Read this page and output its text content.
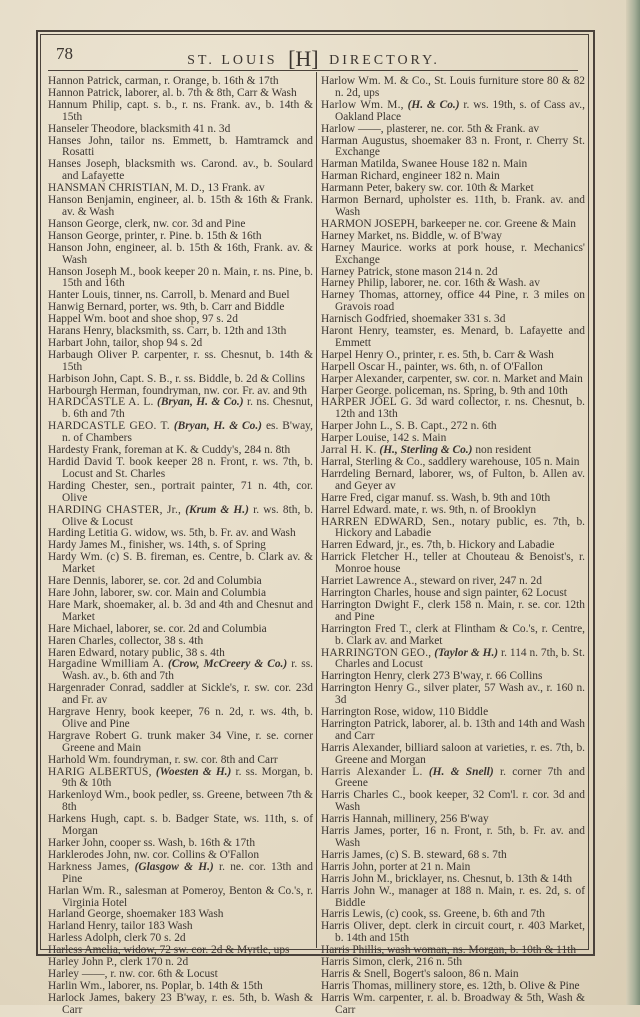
78	ST. LOUIS [H] DIRECTORY.

Hannon Patrick, carman, r. Orange, b. 16th & 17th

Hannon Patrick, laborer, al. b. 7th & 8th, Carr & Wash

Hannum Philip, capt. s. b., r. ns. Frank. av., b. 14th & 15th

Hanseler Theodore, blacksmith 41 n. 3d

Hanses John, tailor ns. Emmett, b. Hamtramck and Rosatti

Hanses Joseph, blacksmith ws. Carond. av., b. Soulard and Lafayette

HANSMAN CHRISTIAN, M. D., 13 Frank. av

Hanson Benjamin, engineer, al. b. 15th & 16th & Frank. av. & Wash

Hanson George, clerk, nw. cor. 3d and Pine

Hanson George, printer, r. Pine. b. 15th & 16th

Hanson John, engineer, al. b. 15th & 16th, Frank. av. & Wash

Hanson Joseph M., book keeper 20 n. Main, r. ns. Pine, b. 15th and 16th

Hanter Louis, tinner, ns. Carroll, b. Menard and Buel

Hanwig Bernard, porter, ws. 9th, b. Carr and Biddle

Happel Wm. boot and shoe shop, 97 s. 2d

Harans Henry, blacksmith, ss. Carr, b. 12th and 13th

Harbart John, tailor, shop 94 s. 2d

Harbaugh Oliver P. carpenter, r. ss. Chesnut, b. 14th & 15th

Harbison John, Capt. S. B., r. ss. Biddle, b. 2d & Collins

Harbourgh Herman, foundryman, nw. cor. Fr. av. and 9th

HARDCASTLE A. L. (Bryan, H. & Co.) r. ns. Chesnut, b. 6th and 7th

HARDCASTLE GEO. T. (Bryan, H. & Co.) es. B'way, n. of Chambers

Hardesty Frank, foreman at K. & Cuddy's, 284 n. 8th

Hardid David T. book keeper 28 n. Front, r. ws. 7th, b. Locust and St. Charles

Harding Chester, sen., portrait painter, 71 n. 4th, cor. Olive

HARDING CHASTER, Jr., (Krum & H.) r. ws. 8th, b. Olive & Locust

Harding Letitia G. widow, ws. 5th, b. Fr. av. and Wash

Hardy James M., finisher, ws. 14th, s. of Spring

Hardy Wm. (c) S. B. fireman, es. Centre, b. Clark av. & Market

Hare Dennis, laborer, se. cor. 2d and Columbia

Hare John, laborer, sw. cor. Main and Columbia

Hare Mark, shoemaker, al. b. 3d and 4th and Chesnut and Market

Hare Michael, laborer, se. cor. 2d and Columbia

Haren Charles, collector, 38 s. 4th

Haren Edward, notary public, 38 s. 4th

Hargadine Wmilliam A. (Crow, McCreery & Co.) r. ss. Wash. av., b. 6th and 7th

Hargenrader Conrad, saddler at Sickle's, r. sw. cor. 23d and Fr. av

Hargrave Henry, book keeper, 76 n. 2d, r. ws. 4th, b. Olive and Pine

Hargrave Robert G. trunk maker 34 Vine, r. se. corner Greene and Main

Harhold Wm. foundryman, r. sw. cor. 8th and Carr

HARIG ALBERTUS, (Woesten & H.) r. ss. Morgan, b. 9th & 10th

Harkenloyd Wm., book pedler, ss. Greene, between 7th & 8th

Harkens Hugh, capt. s. b. Badger State, ws. 11th, s. of Morgan

Harker John, cooper ss. Wash, b. 16th & 17th

Harklerodes John, nw. cor. Collins & O'Fallon

Harkness James, (Glasgow & H.) r. ne. cor. 13th and Pine

Harlan Wm. R., salesman at Pomeroy, Benton & Co.'s, r. Virginia Hotel

Harland George, shoemaker 183 Wash

Harland Henry, tailor 183 Wash

Harless Adolph, clerk 70 s. 2d

Harless Amelia, widow, 72 sw. cor. 2d & Myrtle, ups

Harley John P., clerk 170 n. 2d

Harley ——, r. nw. cor. 6th & Locust

Harlin Wm., laborer, ns. Poplar, b. 14th & 15th

Harlock James, bakery 23 B'way, r. es. 5th, b. Wash & Carr

Harlow Wm. M. & Co., St. Louis furniture store 80 & 82 n. 2d, ups

Harlow Wm. M., (H. & Co.) r. ws. 19th, s. of Cass av., Oakland Place

Harlow ——, plasterer, ne. cor. 5th & Frank. av

Harman Augustus, shoemaker 83 n. Front, r. Cherry St. Exchange

Harman Matilda, Swanee House 182 n. Main

Harman Richard, engineer 182 n. Main

Harmann Peter, bakery sw. cor. 10th & Market

Harmon Bernard, upholster es. 11th, b. Frank. av. and Wash

HARMON JOSEPH, barkeeper ne. cor. Greene & Main

Harney Market, ns. Biddle, w. of B'way

Harney Maurice. works at pork house, r. Mechanics' Exchange

Harney Patrick, stone mason 214 n. 2d

Harney Philip, laborer, ne. cor. 16th & Wash. av

Harney Thomas, attorney, office 44 Pine, r. 3 miles on Gravois road

Harnisch Godfried, shoemaker 331 s. 3d

Haront Henry, teamster, es. Menard, b. Lafayette and Emmett

Harpel Henry O., printer, r. es. 5th, b. Carr & Wash

Harpell Oscar H., painter, ws. 6th, n. of O'Fallon

Harper Alexander, carpenter, sw. cor. n. Market and Main

Harper George. policeman, ns. Spring, b. 9th and 10th

HARPER JOEL G. 3d ward collector, r. ns. Chesnut, b. 12th and 13th

Harper John L., S. B. Capt., 272 n. 6th

Harper Louise, 142 s. Main

Jarral H. K. (H., Sterling & Co.) non resident

Harral, Sterling & Co., saddlery warehouse, 105 n. Main

Harrdeling Bernard, laborer, ws, of Fulton, b. Allen av. and Geyer av

Harre Fred, cigar manuf. ss. Wash, b. 9th and 10th

Harrel Edward. mate, r. ws. 9th, n. of Brooklyn

HARREN EDWARD, Sen., notary public, es. 7th, b. Hickory and Labadie

Harren Edward, jr., es. 7th, b. Hickory and Labadie

Harrick Fletcher H., teller at Chouteau & Benoist's, r. Monroe house

Harriet Lawrence A., steward on river, 247 n. 2d

Harrington Charles, house and sign painter, 62 Locust

Harrington Dwight F., clerk 158 n. Main, r. se. cor. 12th and Pine

Harrington Fred T., clerk at Flintham & Co.'s, r. Centre, b. Clark av. and Market

HARRINGTON GEO., (Taylor & H.) r. 114 n. 7th, b. St. Charles and Locust

Harrington Henry, clerk 273 B'way, r. 66 Collins

Harrington Henry G., silver plater, 57 Wash av., r. 160 n. 3d

Harrington Rose, widow, 110 Biddle

Harrington Patrick, laborer, al. b. 13th and 14th and Wash and Carr

Harris Alexander, billiard saloon at varieties, r. es. 7th, b. Greene and Morgan

Harris Alexander L. (H. & Snell) r. corner 7th and Greene

Harris Charles C., book keeper, 32 Com'l. r. cor. 3d and Wash

Harris Hannah, millinery, 256 B'way

Harris James, porter, 16 n. Front, r. 5th, b. Fr. av. and Wash

Harris James, (c) S. B. steward, 68 s. 7th

Harris John, porter at 21 n. Main

Harris John M., bricklayer, ns. Chesnut, b. 13th & 14th

Harris John W., manager at 188 n. Main, r. es. 2d, s. of Biddle

Harris Lewis, (c) cook, ss. Greene, b. 6th and 7th

Harris Oliver, dept. clerk in circuit court, r. 403 Market, b. 14th and 15th

Harris Phillis, wash woman, ns. Morgan, b. 10th & 11th

Harris Simon, clerk, 216 n. 5th

Harris & Snell, Bogert's saloon, 86 n. Main

Harris Thomas, millinery store, es. 12th, b. Olive & Pine

Harris Wm. carpenter, r. al. b. Broadway & 5th, Wash & Carr
